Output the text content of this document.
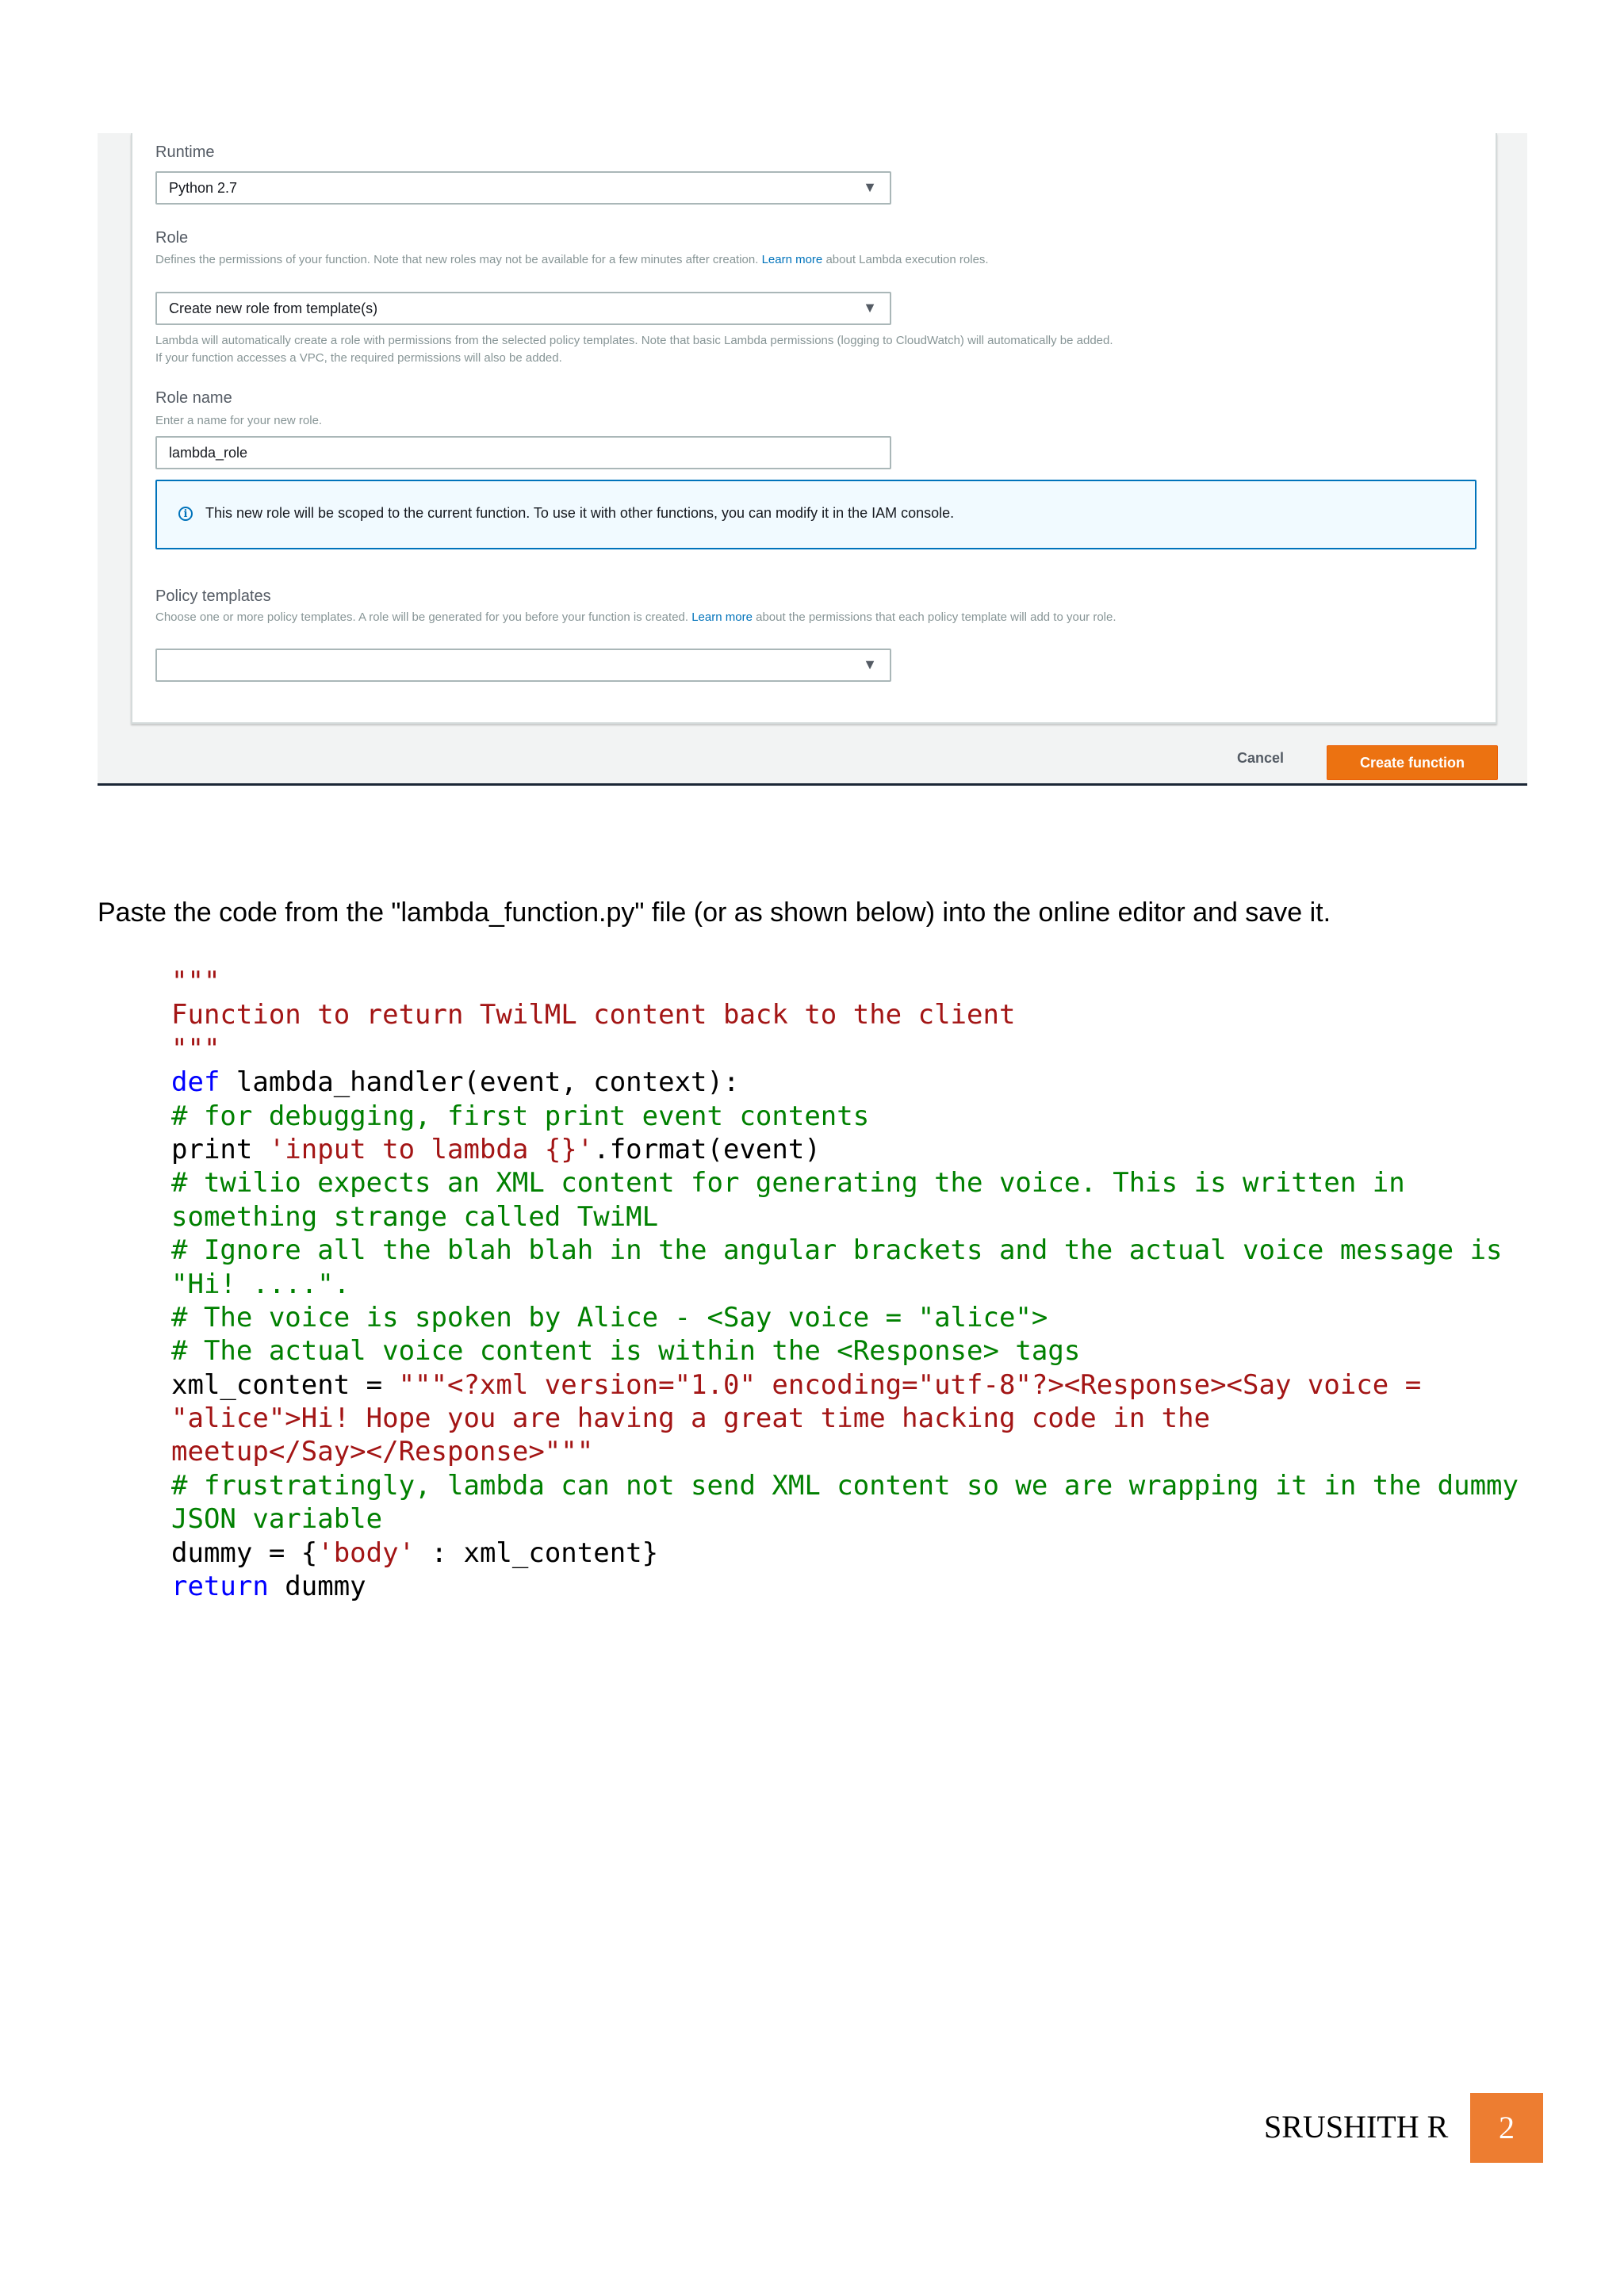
Runtime
Python 2.7	▼
Role
Defines the permissions of your function. Note that new roles may not be available for a few minutes after creation. Learn more about Lambda execution roles.
Create new role from template(s)	▼
Lambda will automatically create a role with permissions from the selected policy templates. Note that basic Lambda permissions (logging to CloudWatch) will automatically be added. If your function accesses a VPC, the required permissions will also be added.
Role name
Enter a name for your new role.
lambda_role
i	This new role will be scoped to the current function. To use it with other functions, you can modify it in the IAM console.
Policy templates
Choose one or more policy templates. A role will be generated for you before your function is created. Learn more about the permissions that each policy template will add to your role.
▼
Cancel	Create function
Paste the code from the "lambda_function.py" file (or as shown below) into the online editor and save it.
"""
Function to return TwilML content back to the client
"""
def lambda_handler(event, context):
# for debugging, first print event contents
print 'input to lambda {}'.format(event)
# twilio expects an XML content for generating the voice. This is written in
something strange called TwiML
# Ignore all the blah blah in the angular brackets and the actual voice message is
"Hi! ....".
# The voice is spoken by Alice - <Say voice = "alice">
# The actual voice content is within the <Response> tags
xml_content = """<?xml version="1.0" encoding="utf-8"?><Response><Say voice =
"alice">Hi! Hope you are having a great time hacking code in the
meetup</Say></Response>"""
# frustratingly, lambda can not send XML content so we are wrapping it in the dummy
JSON variable
dummy = {'body' : xml_content}
return dummy
SRUSHITH R	2
